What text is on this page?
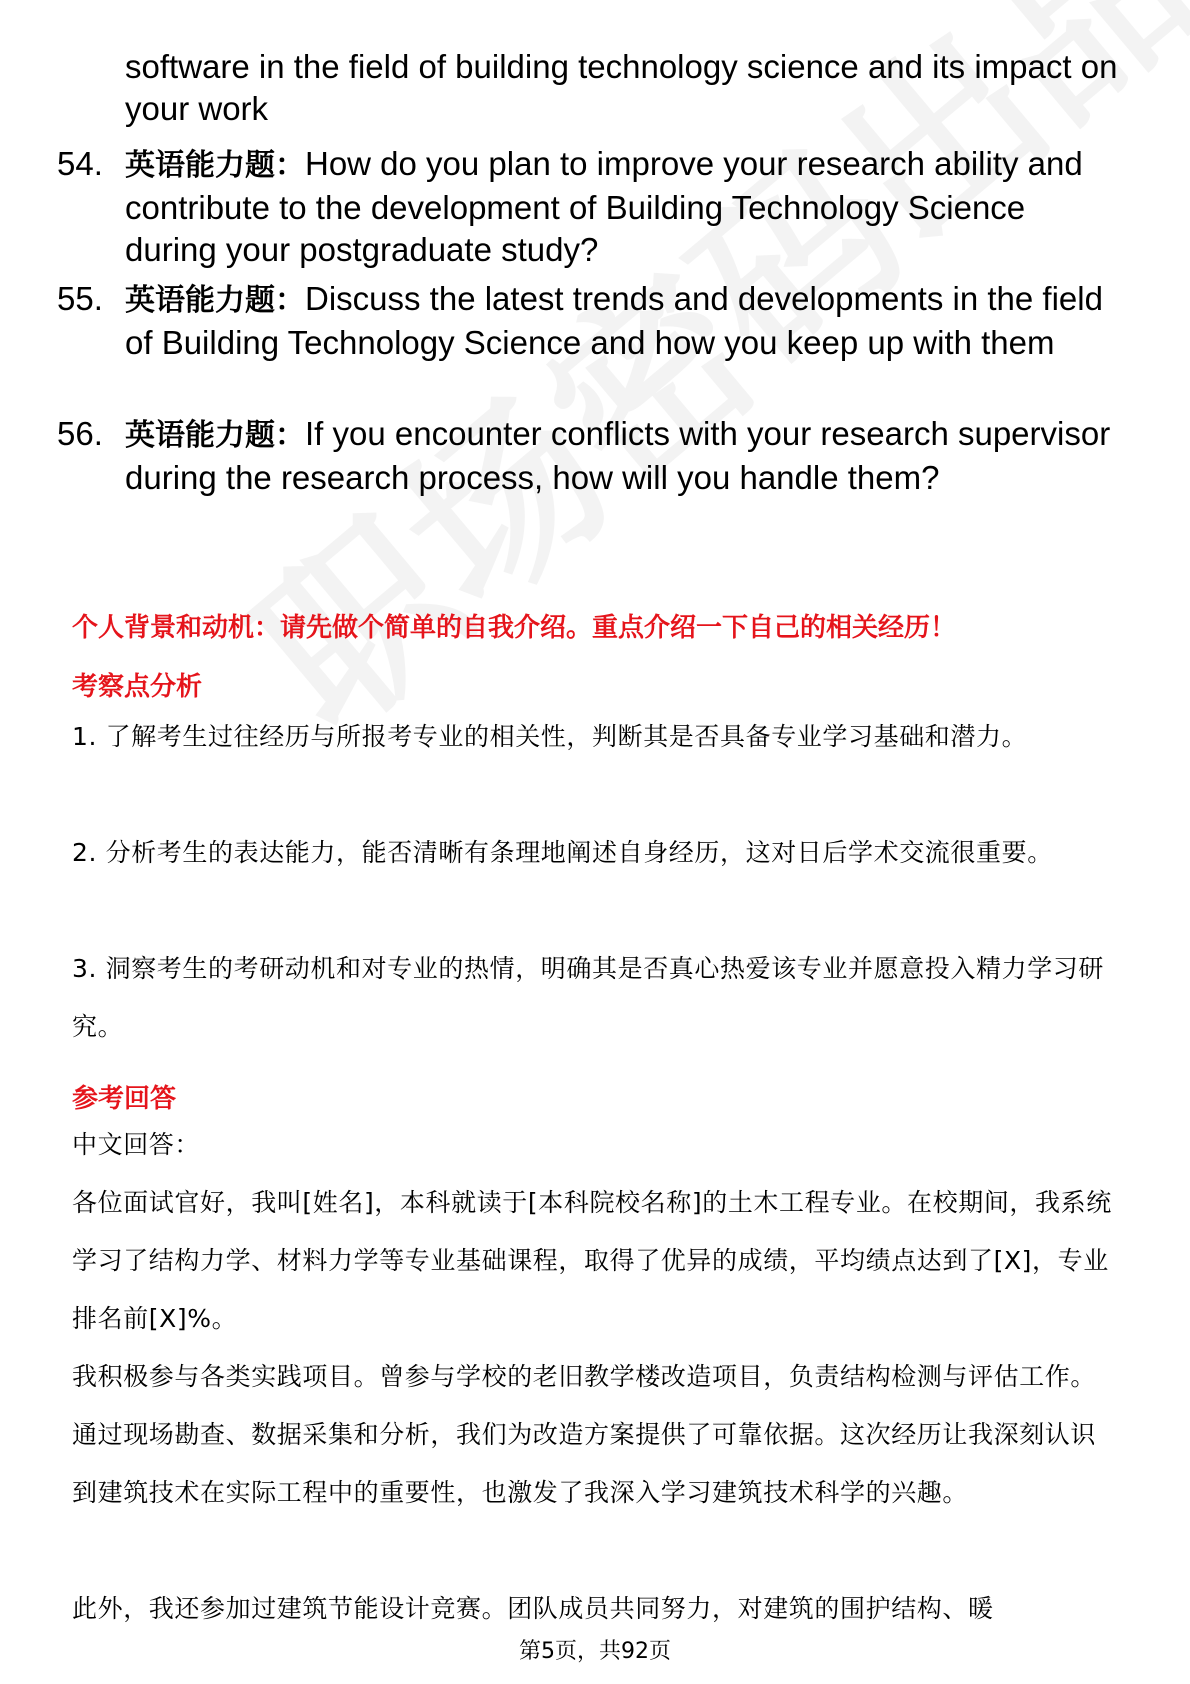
software in the field of building technology science and its impact on your work
54. 英语能力题：How do you plan to improve your research ability and contribute to the development of Building Technology Science during your postgraduate study?
55. 英语能力题：Discuss the latest trends and developments in the field of Building Technology Science and how you keep up with them
56. 英语能力题：If you encounter conflicts with your research supervisor during the research process, how will you handle them?
个人背景和动机：请先做个简单的自我介绍。重点介绍一下自己的相关经历！
考察点分析
1. 了解考生过往经历与所报考专业的相关性，判断其是否具备专业学习基础和潜力。
2. 分析考生的表达能力，能否清晰有条理地阐述自身经历，这对日后学术交流很重要。
3. 洞察考生的考研动机和对专业的热情，明确其是否真心热爱该专业并愿意投入精力学习研究。
参考回答
中文回答：
各位面试官好，我叫[姓名]，本科就读于[本科院校名称]的土木工程专业。在校期间，我系统学习了结构力学、材料力学等专业基础课程，取得了优异的成绩，平均绩点达到了[X]，专业排名前[X]%。
我积极参与各类实践项目。曾参与学校的老旧教学楼改造项目，负责结构检测与评估工作。通过现场勘查、数据采集和分析，我们为改造方案提供了可靠依据。这次经历让我深刻认识到建筑技术在实际工程中的重要性，也激发了我深入学习建筑技术科学的兴趣。
此外，我还参加过建筑节能设计竞赛。团队成员共同努力，对建筑的围护结构、暖
第5页，共92页
